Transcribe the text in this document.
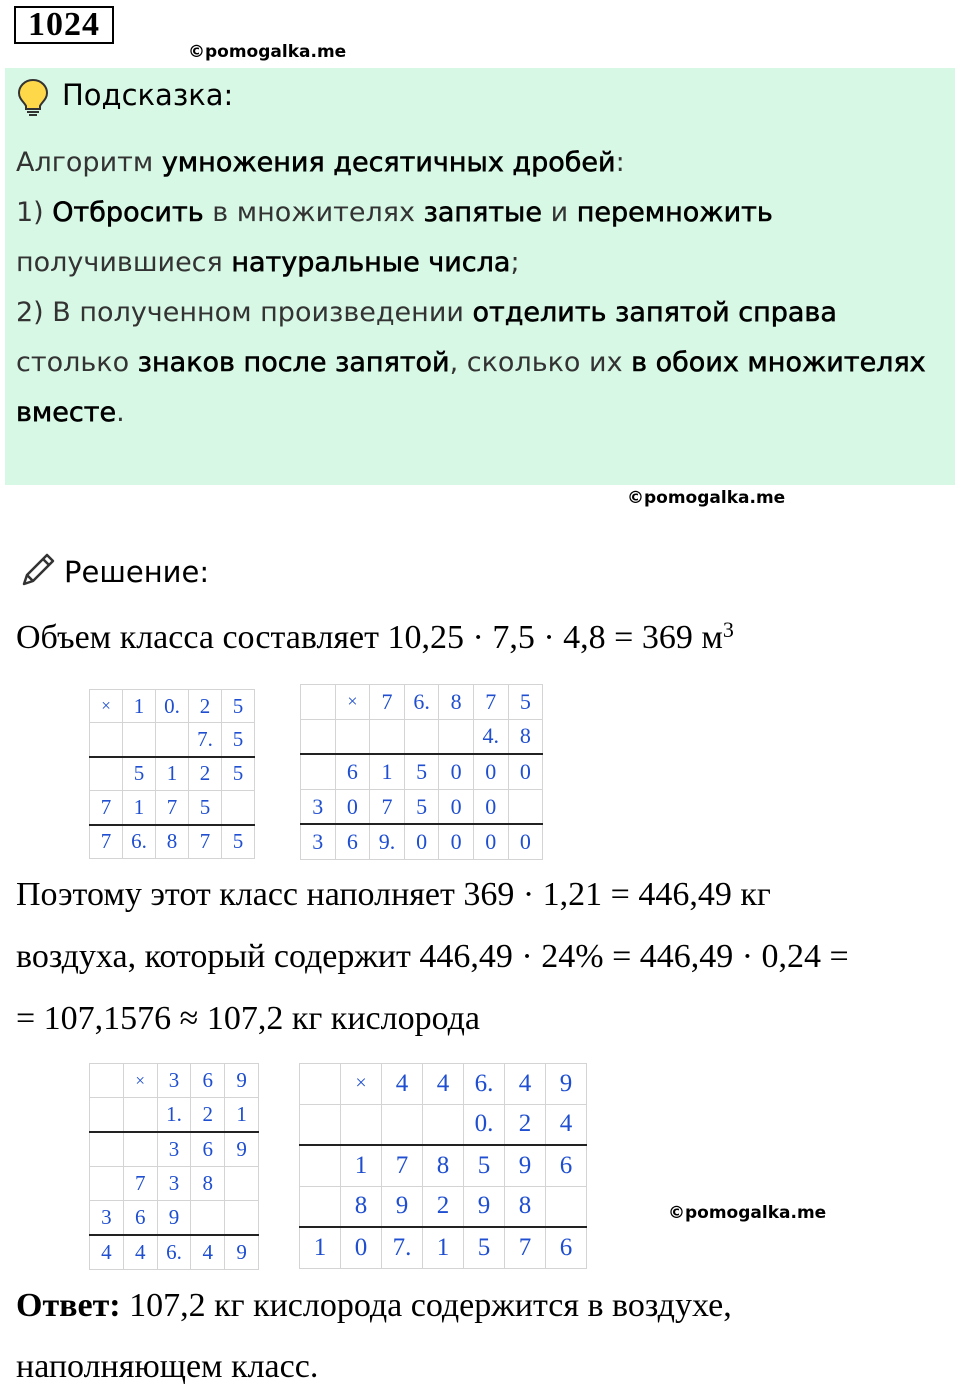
1024
©pomogalka.me
Подсказка:
Алгоритм умножения десятичных дробей:
1) Отбросить в множителях запятые и перемножить получившиеся натуральные числа;
2) В полученном произведении отделить запятой справа столько знаков после запятой, сколько их в обоих множителях вместе.
©pomogalka.me
Решение:
Объем класса составляет 10,25 · 7,5 · 4,8 = 369 $м^3$
×	1	0.	2	5
			7.	5
	5	1	2	5
7	1	7	5	
7	6.	8	7	5
	×	7	6.	8	7	5
					4.	8
	6	1	5	0	0	0
3	0	7	5	0	0	
3	6	9.	0	0	0	0
Поэтому этот класс наполняет 369 · 1,21 = 446,49 кг
воздуха, который содержит 446,49 · 24% = 446,49 · 0,24 =
= 107,1576 ≈ 107,2 кг кислорода
	×	3	6	9
		1.	2	1
		3	6	9
	7	3	8	
3	6	9		
4	4	6.	4	9
	×	4	4	6.	4	9
				0.	2	4
	1	7	8	5	9	6
	8	9	2	9	8	
1	0	7.	1	5	7	6
©pomogalka.me
Ответ: 107,2 кг кислорода содержится в воздухе,
наполняющем класс.
